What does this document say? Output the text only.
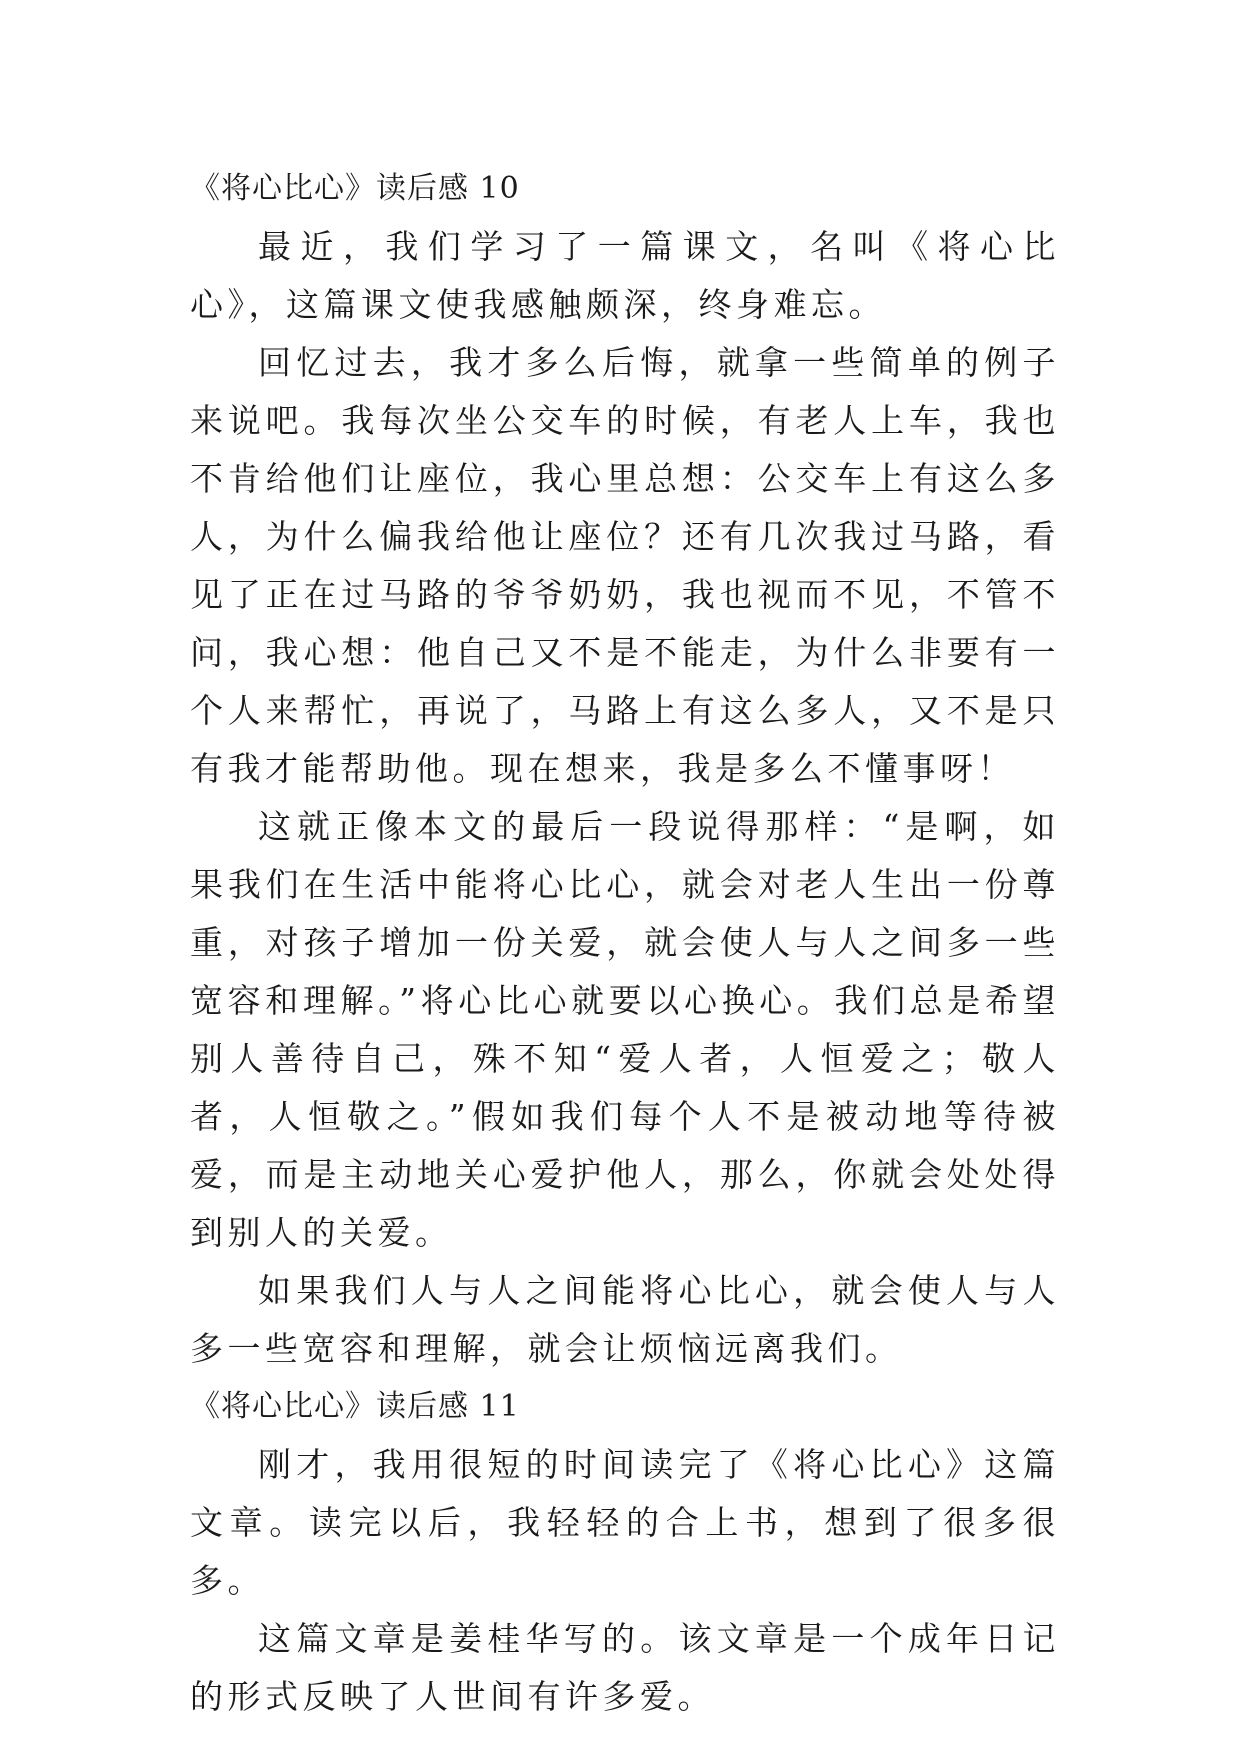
《将心比心》读后感 10

最近，我们学习了一篇课文，名叫《将心比心》，这篇课文使我感触颇深，终身难忘。

回忆过去，我才多么后悔，就拿一些简单的例子来说吧。我每次坐公交车的时候，有老人上车，我也不肯给他们让座位，我心里总想：公交车上有这么多人，为什么偏我给他让座位？还有几次我过马路，看见了正在过马路的爷爷奶奶，我也视而不见，不管不问，我心想：他自己又不是不能走，为什么非要有一个人来帮忙，再说了，马路上有这么多人，又不是只有我才能帮助他。现在想来，我是多么不懂事呀！

这就正像本文的最后一段说得那样：“是啊，如果我们在生活中能将心比心，就会对老人生出一份尊重，对孩子增加一份关爱，就会使人与人之间多一些宽容和理解。”将心比心就要以心换心。我们总是希望别人善待自己，殊不知“爱人者，人恒爱之；敬人者，人恒敬之。”假如我们每个人不是被动地等待被爱，而是主动地关心爱护他人，那么，你就会处处得到别人的关爱。

如果我们人与人之间能将心比心，就会使人与人多一些宽容和理解，就会让烦恼远离我们。

《将心比心》读后感 11

刚才，我用很短的时间读完了《将心比心》这篇文章。读完以后，我轻轻的合上书，想到了很多很多。

这篇文章是姜桂华写的。该文章是一个成年日记的形式反映了人世间有许多爱。
